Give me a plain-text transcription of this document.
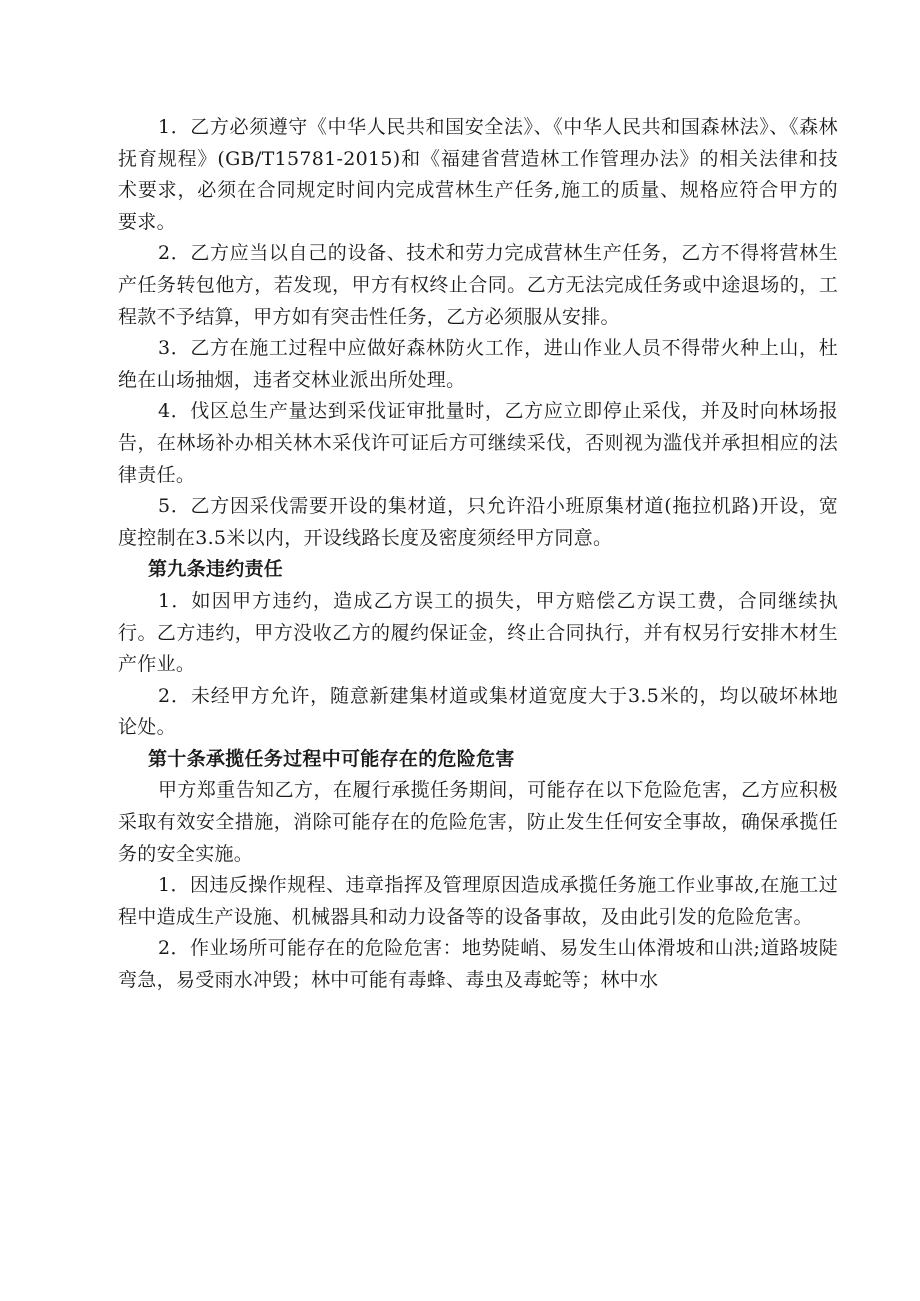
1．乙方必须遵守《中华人民共和国安全法》、《中华人民共和国森林法》、《森林抚育规程》(GB/T15781-2015)和《福建省营造林工作管理办法》的相关法律和技术要求，必须在合同规定时间内完成营林生产任务,施工的质量、规格应符合甲方的要求。

2．乙方应当以自己的设备、技术和劳力完成营林生产任务，乙方不得将营林生产任务转包他方，若发现，甲方有权终止合同。乙方无法完成任务或中途退场的，工程款不予结算，甲方如有突击性任务，乙方必须服从安排。

3．乙方在施工过程中应做好森林防火工作，进山作业人员不得带火种上山，杜绝在山场抽烟，违者交林业派出所处理。

4．伐区总生产量达到采伐证审批量时，乙方应立即停止采伐，并及时向林场报告，在林场补办相关林木采伐许可证后方可继续采伐，否则视为滥伐并承担相应的法律责任。

5．乙方因采伐需要开设的集材道，只允许沿小班原集材道(拖拉机路)开设，宽度控制在3.5米以内，开设线路长度及密度须经甲方同意。

第九条违约责任

1．如因甲方违约，造成乙方误工的损失，甲方赔偿乙方误工费，合同继续执行。乙方违约，甲方没收乙方的履约保证金，终止合同执行，并有权另行安排木材生产作业。

2．未经甲方允许，随意新建集材道或集材道宽度大于3.5米的，均以破坏林地论处。

第十条承揽任务过程中可能存在的危险危害

甲方郑重告知乙方，在履行承揽任务期间，可能存在以下危险危害，乙方应积极采取有效安全措施，消除可能存在的危险危害，防止发生任何安全事故，确保承揽任务的安全实施。

1．因违反操作规程、违章指挥及管理原因造成承揽任务施工作业事故,在施工过程中造成生产设施、机械器具和动力设备等的设备事故，及由此引发的危险危害。

2．作业场所可能存在的危险危害：地势陡峭、易发生山体滑坡和山洪;道路坡陡弯急，易受雨水冲毁；林中可能有毒蜂、毒虫及毒蛇等；林中水
